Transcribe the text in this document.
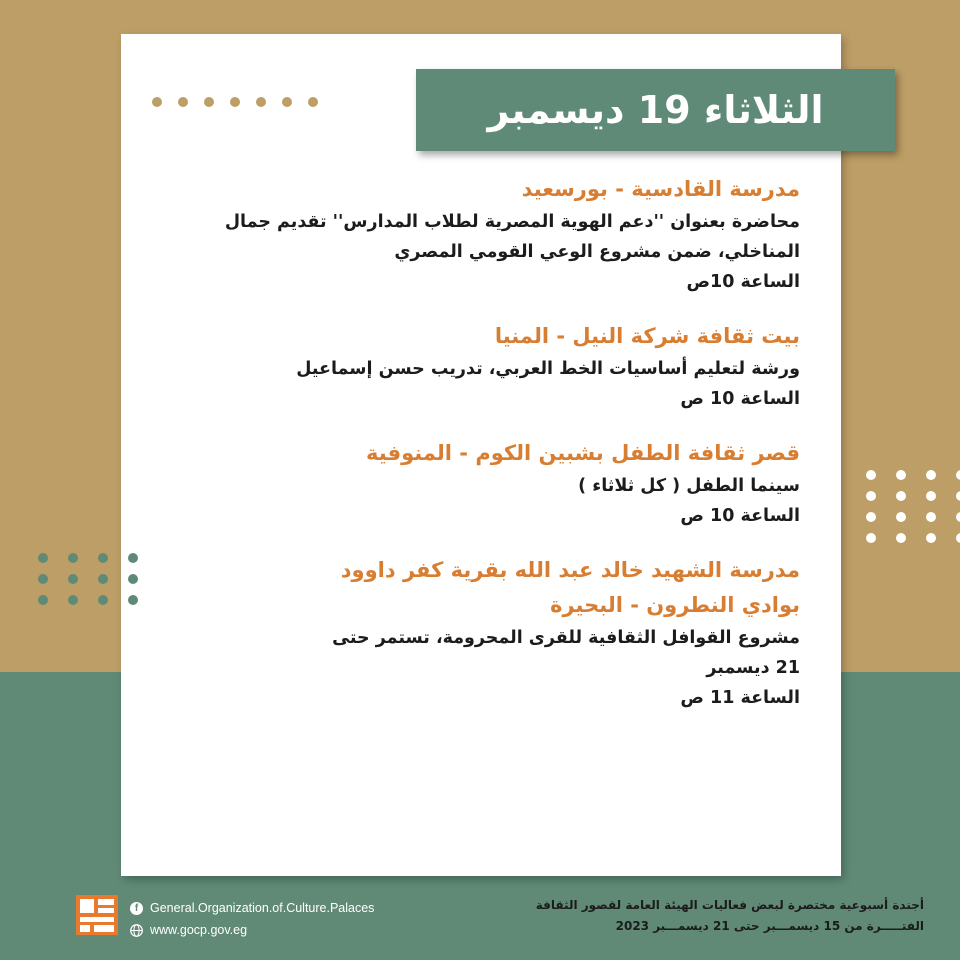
الثلاثاء 19 ديسمبر
مدرسة القادسية - بورسعيد
محاضرة بعنوان ''دعم الهوية المصرية لطلاب المدارس'' تقديم جمال المناخلي، ضمن مشروع الوعي القومي المصري
الساعة 10ص
بيت ثقافة شركة النيل - المنيا
ورشة لتعليم أساسيات الخط العربي، تدريب حسن إسماعيل
الساعة 10 ص
قصر ثقافة الطفل بشبين الكوم - المنوفية
سينما الطفل ( كل ثلاثاء )
الساعة 10 ص
مدرسة الشهيد خالد عبد الله بقرية كفر داوود بوادي النطرون - البحيرة
مشروع القوافل الثقافية للقرى المحرومة، تستمر حتى
21 ديسمبر
الساعة 11 ص
f General.Organization.of.Culture.Palaces
www.gocp.gov.eg
أجندة أسبوعية مختصرة لبعض فعاليات الهيئة العامة لقصور الثقافة
الفتـــــرة من 15 ديسمـــبر حتى 21 ديسمـــبر 2023
